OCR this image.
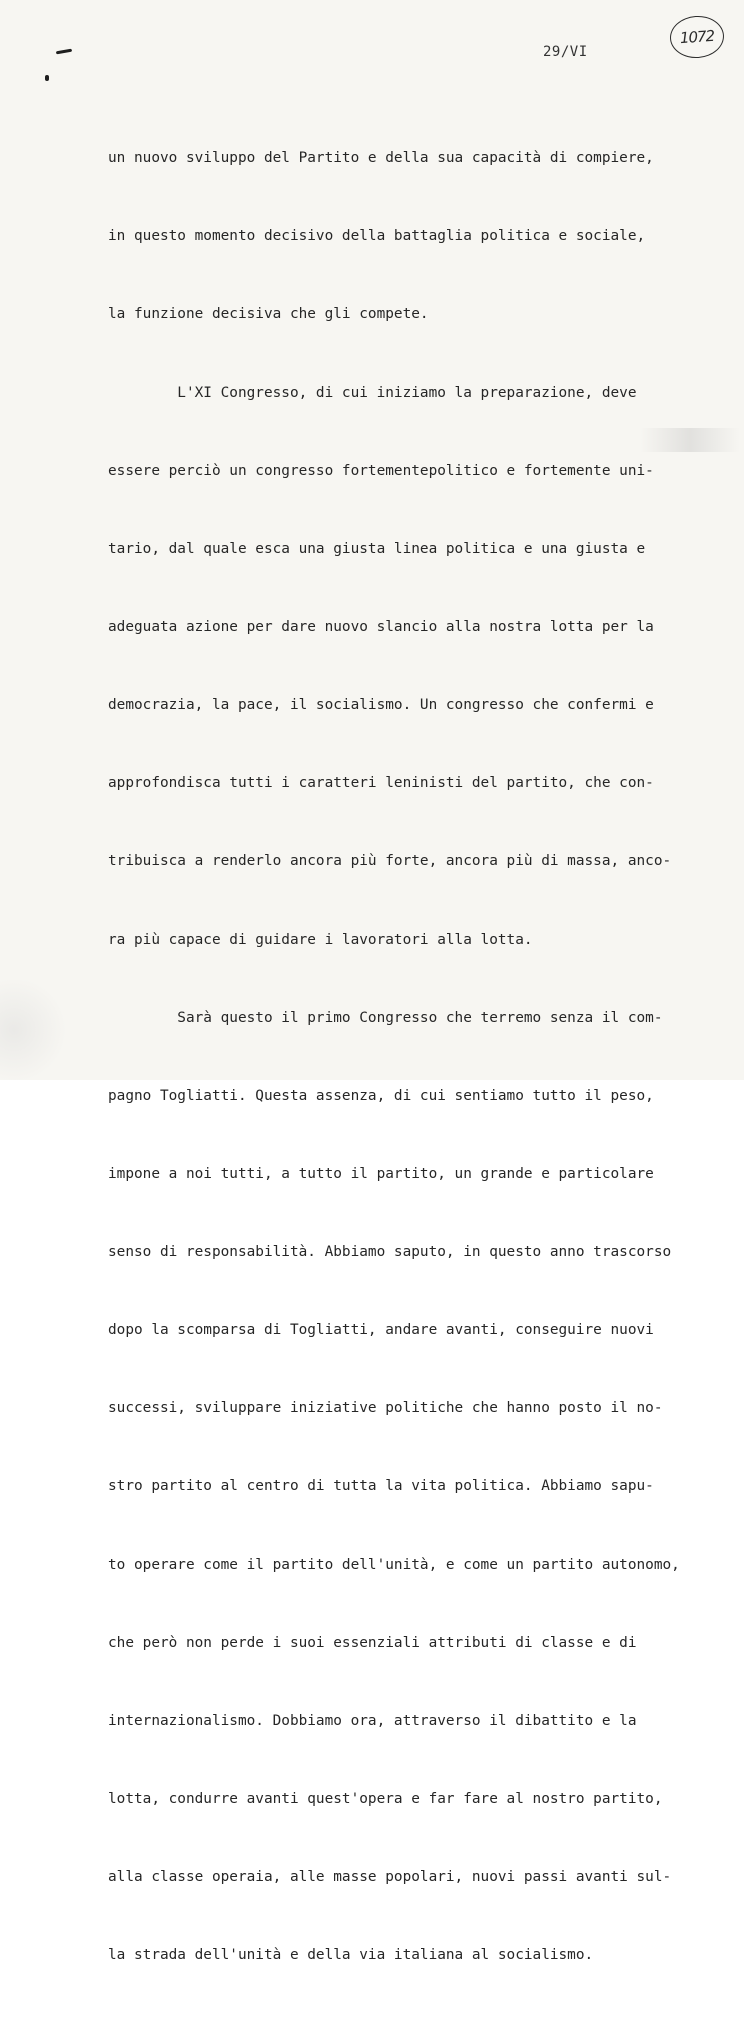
29/VI
1072

un nuovo sviluppo del Partito e della sua capacità di compiere,

in questo momento decisivo della battaglia politica e sociale,

la funzione decisiva che gli compete.

L'XI Congresso, di cui iniziamo la preparazione, deve

essere perciò un congresso fortementepolitico e fortemente uni-

tario, dal quale esca una giusta linea politica e una giusta e

adeguata azione per dare nuovo slancio alla nostra lotta per la

democrazia, la pace, il socialismo. Un congresso che confermi e

approfondisca tutti i caratteri leninisti del partito, che con-

tribuisca a renderlo ancora più forte, ancora più di massa, anco-

ra più capace di guidare i lavoratori alla lotta.

Sarà questo il primo Congresso che terremo senza il com-

pagno Togliatti. Questa assenza, di cui sentiamo tutto il peso,

impone a noi tutti, a tutto il partito, un grande e particolare

senso di responsabilità. Abbiamo saputo, in questo anno trascorso

dopo la scomparsa di Togliatti, andare avanti, conseguire nuovi

successi, sviluppare iniziative politiche che hanno posto il no-

stro partito al centro di tutta la vita politica. Abbiamo sapu-

to operare come il partito dell'unità, e come un partito autonomo,

che però non perde i suoi essenziali attributi di classe e di

internazionalismo. Dobbiamo ora, attraverso il dibattito e la

lotta, condurre avanti quest'opera e far fare al nostro partito,

alla classe operaia, alle masse popolari, nuovi passi avanti sul-

la strada dell'unità e della via italiana al socialismo.
